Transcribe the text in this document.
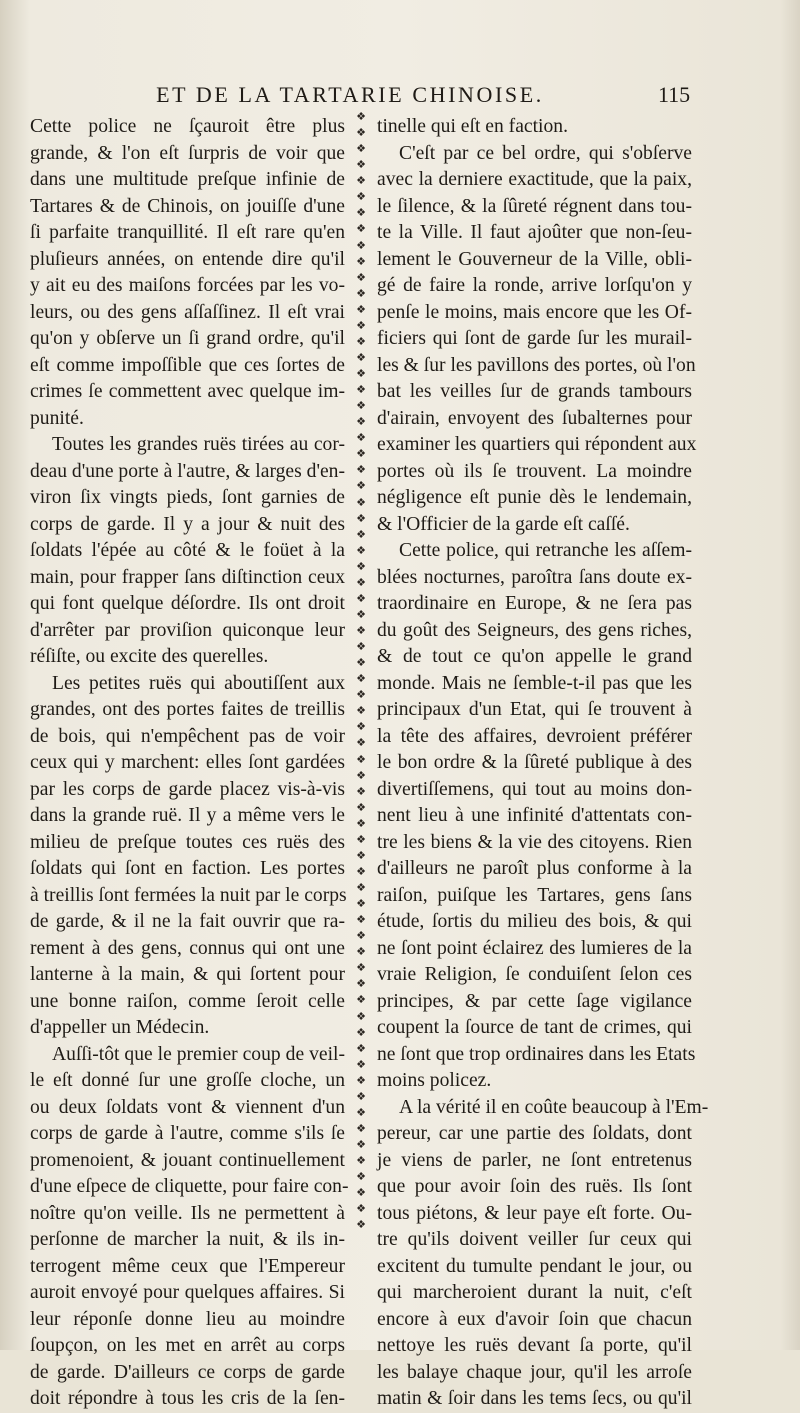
ET DE LA TARTARIE CHINOISE.	115
Cette police ne ſçauroit être plus
grande, & l'on eſt ſurpris de voir que
dans une multitude preſque infinie de
Tartares & de Chinois, on jouiſſe d'une
ſi parfaite tranquillité. Il eſt rare qu'en
pluſieurs années, on entende dire qu'il
y ait eu des maiſons forcées par les vo-
leurs, ou des gens aſſaſſinez. Il eſt vrai
qu'on y obſerve un ſi grand ordre, qu'il
eſt comme impoſſible que ces ſortes de
crimes ſe commettent avec quelque im-
punité.
Toutes les grandes ruës tirées au cor-
deau d'une porte à l'autre, & larges d'en-
viron ſix vingts pieds, ſont garnies de
corps de garde. Il y a jour & nuit des
ſoldats l'épée au côté & le foüet à la
main, pour frapper ſans diſtinction ceux
qui font quelque déſordre. Ils ont droit
d'arrêter par proviſion quiconque leur
réſiſte, ou excite des querelles.
Les petites ruës qui aboutiſſent aux
grandes, ont des portes faites de treillis
de bois, qui n'empêchent pas de voir
ceux qui y marchent: elles ſont gardées
par les corps de garde placez vis-à-vis
dans la grande ruë. Il y a même vers le
milieu de preſque toutes ces ruës des
ſoldats qui ſont en faction. Les portes
à treillis ſont fermées la nuit par le corps
de garde, & il ne la fait ouvrir que ra-
rement à des gens, connus qui ont une
lanterne à la main, & qui ſortent pour
une bonne raiſon, comme ſeroit celle
d'appeller un Médecin.
Auſſi-tôt que le premier coup de veil-
le eſt donné ſur une groſſe cloche, un
ou deux ſoldats vont & viennent d'un
corps de garde à l'autre, comme s'ils ſe
promenoient, & jouant continuellement
d'une eſpece de cliquette, pour faire con-
noître qu'on veille. Ils ne permettent à
perſonne de marcher la nuit, & ils in-
terrogent même ceux que l'Empereur
auroit envoyé pour quelques affaires. Si
leur réponſe donne lieu au moindre
ſoupçon, on les met en arrêt au corps
de garde. D'ailleurs ce corps de garde
doit répondre à tous les cris de la ſen-
❖
❖
❖
❖
❖
❖
❖
❖
❖
❖
❖
❖
❖
❖
❖
❖
❖
❖
❖
❖
❖
❖
❖
❖
❖
❖
❖
❖
❖
❖
❖
❖
❖
❖
❖
❖
❖
❖
❖
❖
❖
❖
❖
❖
❖
❖
❖
❖
❖
❖
❖
❖
❖
❖
❖
❖
❖
❖
❖
❖
❖
❖
❖
❖
❖
❖
❖
❖
❖
❖
tinelle qui eſt en faction.
C'eſt par ce bel ordre, qui s'obſerve
avec la derniere exactitude, que la paix,
le ſilence, & la ſûreté régnent dans tou-
te la Ville. Il faut ajoûter que non-ſeu-
lement le Gouverneur de la Ville, obli-
gé de faire la ronde, arrive lorſqu'on y
penſe le moins, mais encore que les Of-
ficiers qui ſont de garde ſur les murail-
les & ſur les pavillons des portes, où l'on
bat les veilles ſur de grands tambours
d'airain, envoyent des ſubalternes pour
examiner les quartiers qui répondent aux
portes où ils ſe trouvent. La moindre
négligence eſt punie dès le lendemain,
& l'Officier de la garde eſt caſſé.
Cette police, qui retranche les aſſem-
blées nocturnes, paroîtra ſans doute ex-
traordinaire en Europe, & ne ſera pas
du goût des Seigneurs, des gens riches,
& de tout ce qu'on appelle le grand
monde. Mais ne ſemble-t-il pas que les
principaux d'un Etat, qui ſe trouvent à
la tête des affaires, devroient préférer
le bon ordre & la ſûreté publique à des
divertiſſemens, qui tout au moins don-
nent lieu à une infinité d'attentats con-
tre les biens & la vie des citoyens. Rien
d'ailleurs ne paroît plus conforme à la
raiſon, puiſque les Tartares, gens ſans
étude, ſortis du milieu des bois, & qui
ne ſont point éclairez des lumieres de la
vraie Religion, ſe conduiſent ſelon ces
principes, & par cette ſage vigilance
coupent la ſource de tant de crimes, qui
ne ſont que trop ordinaires dans les Etats
moins policez.
A la vérité il en coûte beaucoup à l'Em-
pereur, car une partie des ſoldats, dont
je viens de parler, ne ſont entretenus
que pour avoir ſoin des ruës. Ils ſont
tous piétons, & leur paye eſt forte. Ou-
tre qu'ils doivent veiller ſur ceux qui
excitent du tumulte pendant le jour, ou
qui marcheroient durant la nuit, c'eſt
encore à eux d'avoir ſoin que chacun
nettoye les ruës devant ſa porte, qu'il
les balaye chaque jour, qu'il les arroſe
matin & ſoir dans les tems ſecs, ou qu'il
